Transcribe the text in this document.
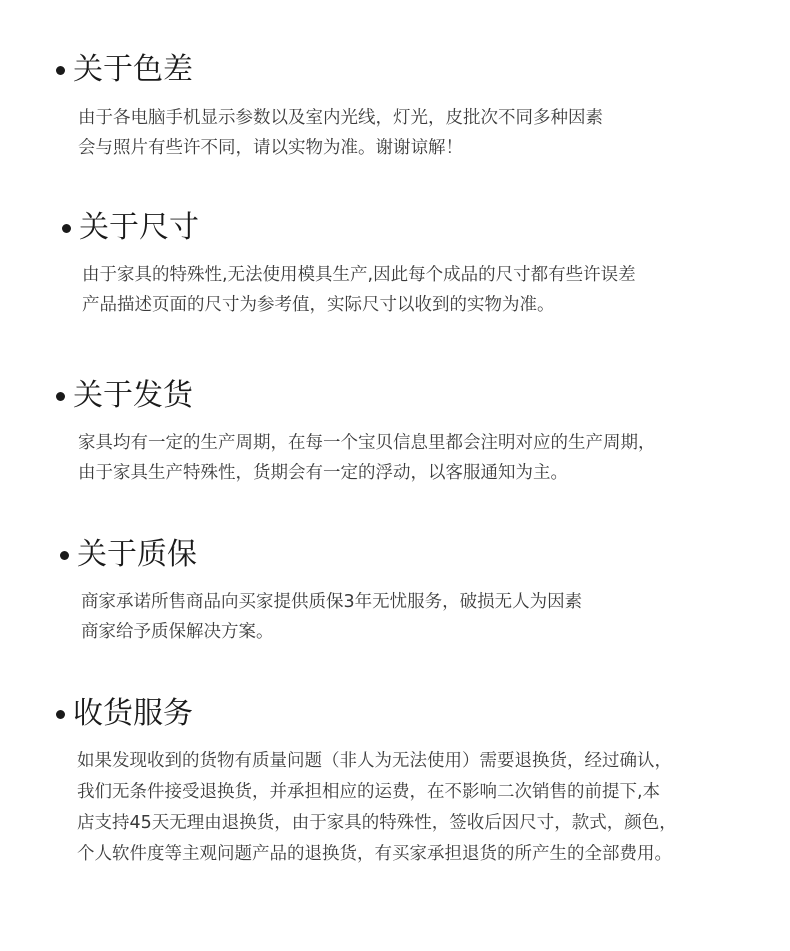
关于色差

由于各电脑手机显示参数以及室内光线，灯光，皮批次不同多种因素
会与照片有些许不同，请以实物为准。谢谢谅解！

关于尺寸

由于家具的特殊性,无法使用模具生产,因此每个成品的尺寸都有些许误差
产品描述页面的尺寸为参考值，实际尺寸以收到的实物为准。

关于发货

家具均有一定的生产周期，在每一个宝贝信息里都会注明对应的生产周期，
由于家具生产特殊性，货期会有一定的浮动，以客服通知为主。

关于质保

商家承诺所售商品向买家提供质保3年无忧服务，破损无人为因素
商家给予质保解决方案。

收货服务

如果发现收到的货物有质量问题（非人为无法使用）需要退换货，经过确认，
我们无条件接受退换货，并承担相应的运费，在不影响二次销售的前提下,本
店支持45天无理由退换货，由于家具的特殊性，签收后因尺寸，款式，颜色，
个人软件度等主观问题产品的退换货，有买家承担退货的所产生的全部费用。
